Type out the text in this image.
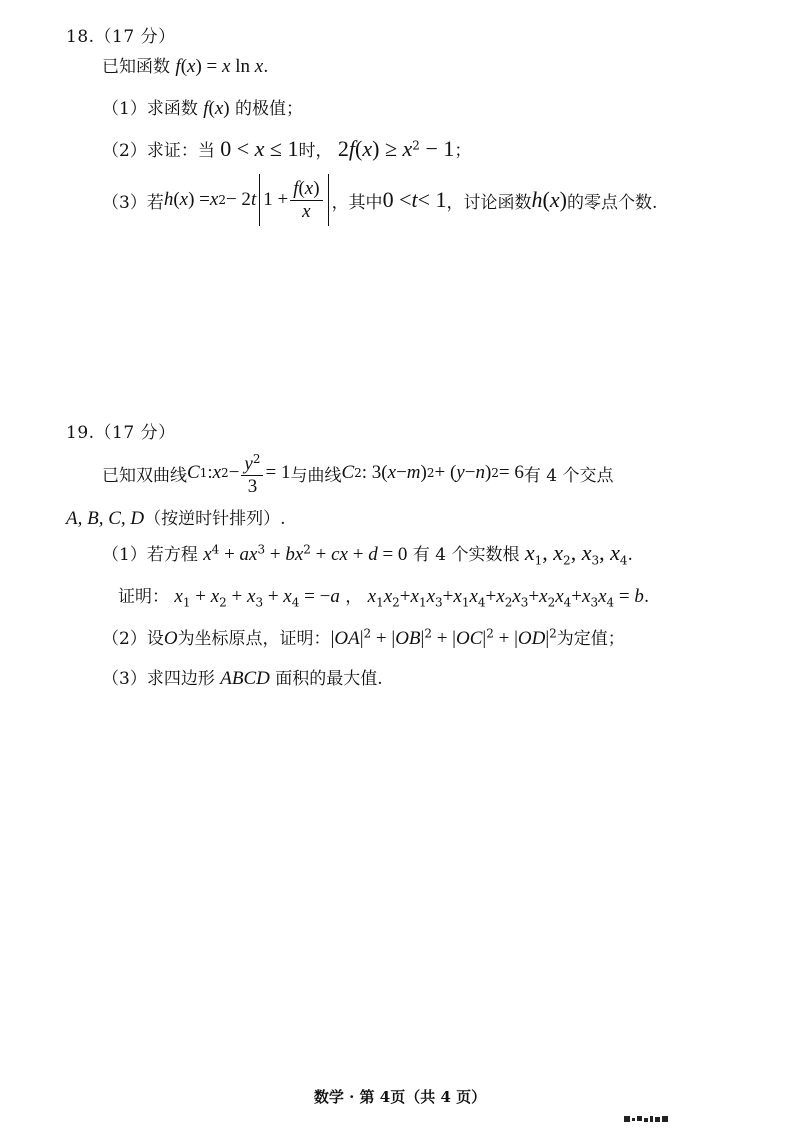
18.（17 分）
已知函数 f(x) = x ln x.
（1）求函数 f(x) 的极值；
（2）求证：当 0 < x ≤ 1时， $2f(x) \ge x^2 - 1$；
（3） 若 h ( x ) = x 2 − 2 t $1 + \frac{f(x)}{x}$ ，其中 0 < t < 1 ，讨论函数 h ( x ) 的零点个数.
19.（17 分）
已知双曲线 C 1 : x $2 - \frac{y^2}{3} = 1$ 与曲线 C 2 : 3( x − m ) 2 + ( y − n ) 2 = 6 有 4 个交点
A, B, C, D（按逆时针排列）.
（1）若方程 $x^4 + ax^3 + bx^2$ + cx + d = 0 有 4 个实数根 $x_1$, $x_2$, $x_3$, $x_4$.
证明： $x_1 + x_2 + x_3 + x_4 = -a$ ， $x_1x_2+x_1x_3+x_1x_4+x_2x_3+x_2x_4+x_3x_4 = b$.
（2）设O为坐标原点，证明：$|OA|^2 + |OB|^2 + |OC|^2 + |OD|^2$为定值；
（3）求四边形 ABCD 面积的最大值.
数学 · 第 4页（共 4 页）
